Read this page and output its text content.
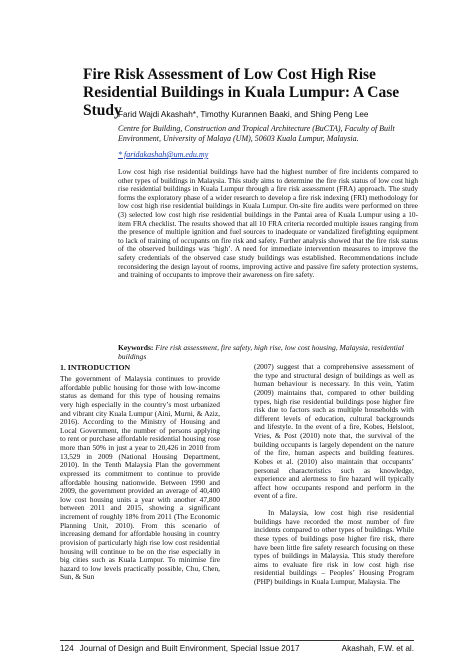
Fire Risk Assessment of Low Cost High Rise Residential Buildings in Kuala Lumpur: A Case Study
Farid Wajdi Akashah*, Timothy Kurannen Baaki, and Shing Peng Lee
Centre for Building, Construction and Tropical Architecture (BuCTA), Faculty of Built Environment, University of Malaya (UM), 50603 Kuala Lumpur, Malaysia.
* faridakashah@um.edu.my

Low cost high rise residential buildings have had the highest number of fire incidents compared to other types of buildings in Malaysia. This study aims to determine the fire risk status of low cost high rise residential buildings in Kuala Lumpur through a fire risk assessment (FRA) approach. The study forms the exploratory phase of a wider research to develop a fire risk indexing (FRI) methodology for low cost high rise residential buildings in Kuala Lumpur. On-site fire audits were performed on three (3) selected low cost high rise residential buildings in the Pantai area of Kuala Lumpur using a 10-item FRA checklist. The results showed that all 10 FRA criteria recorded multiple issues ranging from the presence of multiple ignition and fuel sources to inadequate or vandalized firefighting equipment to lack of training of occupants on fire risk and safety. Further analysis showed that the fire risk status of the observed buildings was ‘high’. A need for immediate intervention measures to improve the safety credentials of the observed case study buildings was established. Recommendations include reconsidering the design layout of rooms, improving active and passive fire safety protection systems, and training of occupants to improve their awareness on fire safety.

Keywords: Fire risk assessment, fire safety, high rise, low cost housing, Malaysia, residential buildings

1. INTRODUCTION

The government of Malaysia continues to provide affordable public housing for those with low-income status as demand for this type of housing remains very high especially in the country’s most urbanized and vibrant city Kuala Lumpur (Aini, Murni, & Aziz, 2016). According to the Ministry of Housing and Local Government, the number of persons applying to rent or purchase affordable residential housing rose more than 50% in just a year to 20,426 in 2010 from 13,529 in 2009 (National Housing Department, 2010). In the Tenth Malaysia Plan the government expressed its commitment to continue to provide affordable housing nationwide. Between 1990 and 2009, the government provided an average of 40,400 low cost housing units a year with another 47,800 between 2011 and 2015, showing a significant increment of roughly 18% from 2011 (The Economic Planning Unit, 2010). From this scenario of increasing demand for affordable housing in country provision of particularly high rise low cost residential housing will continue to be on the rise especially in big cities such as Kuala Lumpur. To minimise fire hazard to low levels practically possible, Chu, Chen, Sun, & Sun

(2007) suggest that a comprehensive assessment of the type and structural design of buildings as well as human behaviour is necessary. In this vein, Yatim (2009) maintains that, compared to other building types, high rise residential buildings pose higher fire risk due to factors such as multiple households with different levels of education, cultural backgrounds and lifestyle. In the event of a fire, Kobes, Helsloot, Vries, & Post (2010) note that, the survival of the building occupants is largely dependent on the nature of the fire, human aspects and building features. Kobes et al. (2010) also maintain that occupants’ personal characteristics such as knowledge, experience and alertness to fire hazard will typically affect how occupants respond and perform in the event of a fire.

In Malaysia, low cost high rise residential buildings have recorded the most number of fire incidents compared to other types of buildings. While these types of buildings pose higher fire risk, there have been little fire safety research focusing on these types of buildings in Malaysia. This study therefore aims to evaluate fire risk in low cost high rise residential buildings – Peoples’ Housing Program (PHP) buildings in Kuala Lumpur, Malaysia. The

124 Journal of Design and Built Environment, Special Issue 2017	Akashah, F.W. et al.
